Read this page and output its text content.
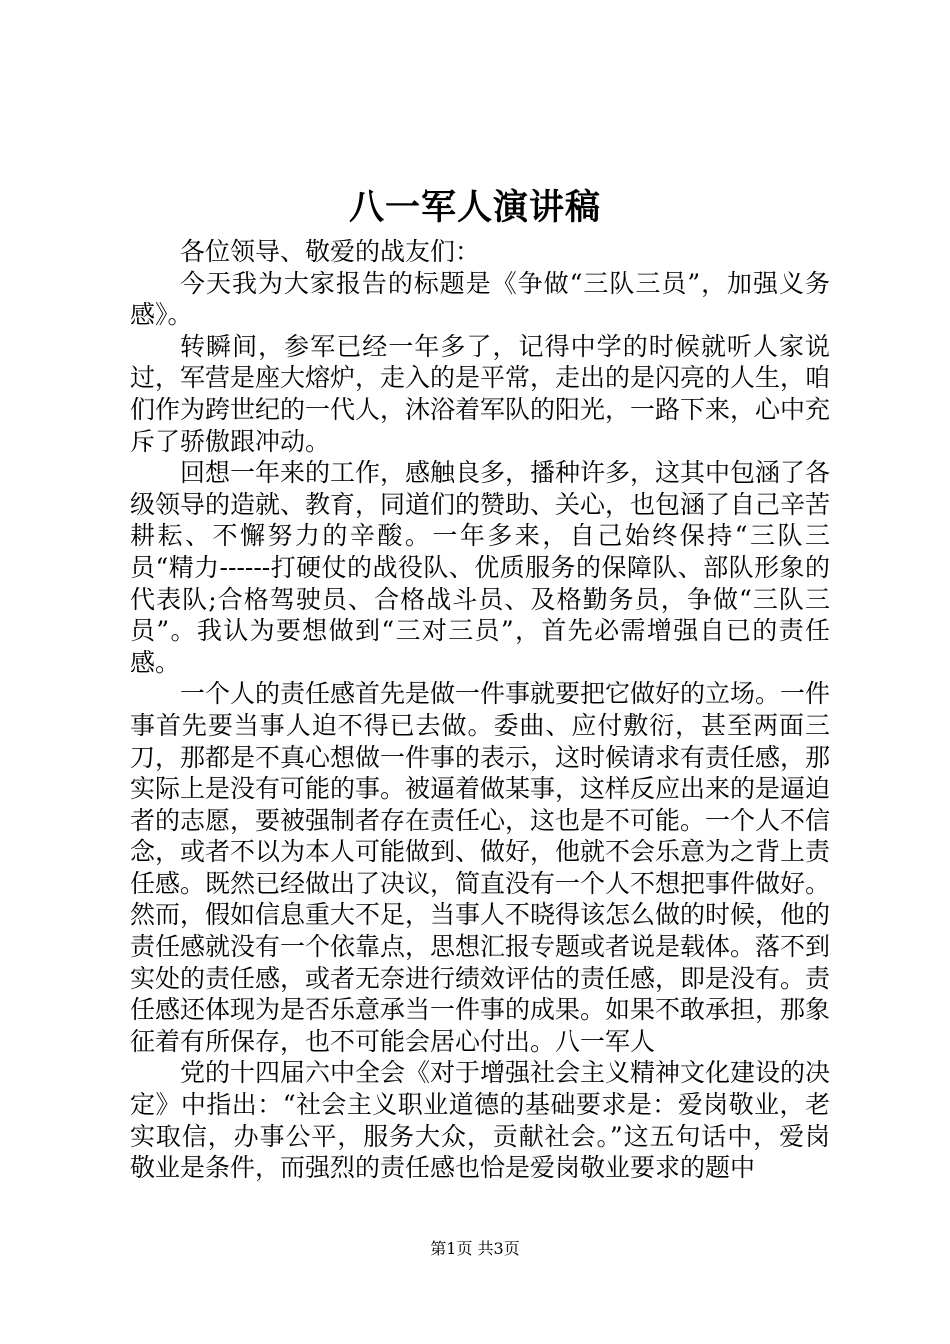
八一军人演讲稿

各位领导、敬爱的战友们：

今天我为大家报告的标题是《争做“三队三员”，加强义务感》。

转瞬间，参军已经一年多了，记得中学的时候就听人家说过，军营是座大熔炉，走入的是平常，走出的是闪亮的人生，咱们作为跨世纪的一代人，沐浴着军队的阳光，一路下来，心中充斥了骄傲跟冲动。

回想一年来的工作，感触良多，播种许多，这其中包涵了各级领导的造就、教育，同道们的赞助、关心，也包涵了自己辛苦耕耘、不懈努力的辛酸。一年多来，自己始终保持“三队三员“精力------打硬仗的战役队、优质服务的保障队、部队形象的代表队;合格驾驶员、合格战斗员、及格勤务员，争做“三队三员”。我认为要想做到“三对三员”，首先必需增强自已的责任感。

一个人的责任感首先是做一件事就要把它做好的立场。一件事首先要当事人迫不得已去做。委曲、应付敷衍，甚至两面三刀，那都是不真心想做一件事的表示，这时候请求有责任感，那实际上是没有可能的事。被逼着做某事，这样反应出来的是逼迫者的志愿，要被强制者存在责任心，这也是不可能。一个人不信念，或者不以为本人可能做到、做好，他就不会乐意为之背上责任感。既然已经做出了决议，简直没有一个人不想把事件做好。然而，假如信息重大不足，当事人不晓得该怎么做的时候，他的责任感就没有一个依靠点，思想汇报专题或者说是载体。落不到实处的责任感，或者无奈进行绩效评估的责任感，即是没有。责任感还体现为是否乐意承当一件事的成果。如果不敢承担，那象征着有所保存，也不可能会居心付出。八一军人

党的十四届六中全会《对于增强社会主义精神文化建设的决定》中指出：“社会主义职业道德的基础要求是：爱岗敬业，老实取信，办事公平，服务大众，贡献社会。”这五句话中，爱岗敬业是条件，而强烈的责任感也恰是爱岗敬业要求的题中

第1页 共3页
